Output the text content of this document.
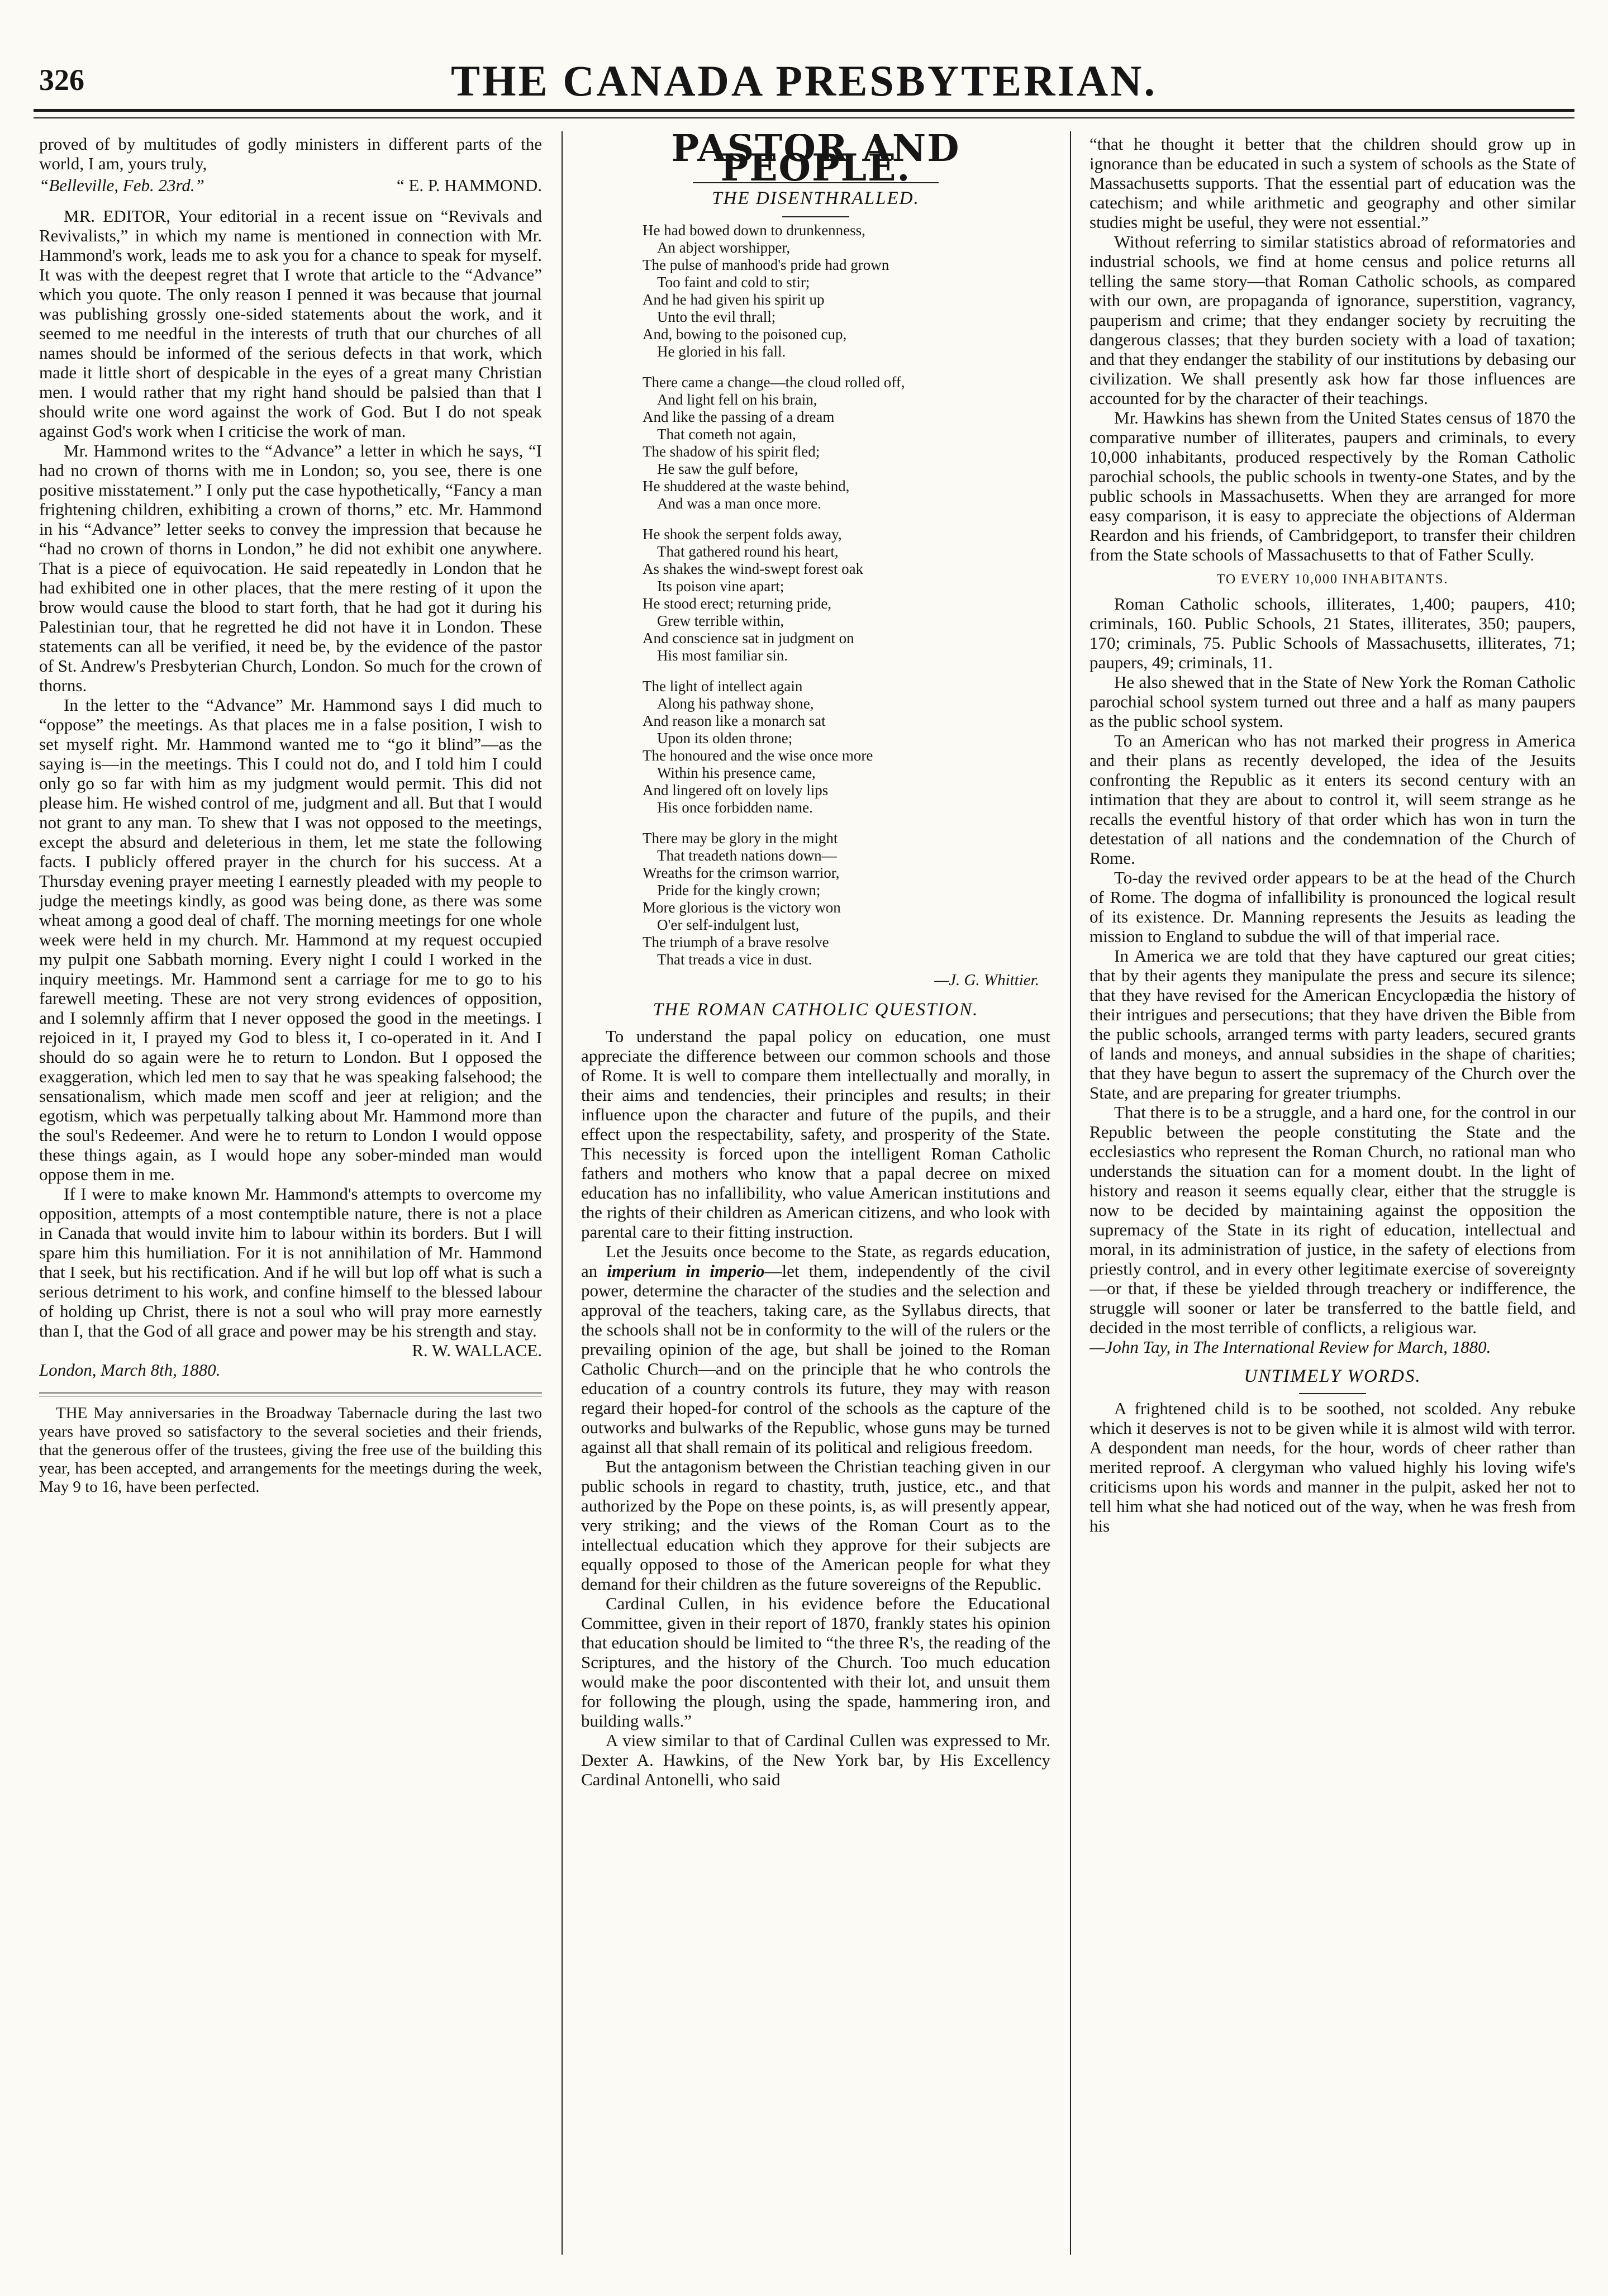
326	THE CANADA PRESBYTERIAN.

proved of by multitudes of godly ministers in different parts of the world, I am, yours truly,

“Belleville, Feb. 23rd.”	“ E. P. HAMMOND.

MR. EDITOR, Your editorial in a recent issue on “Revivals and Revivalists,” in which my name is mentioned in connection with Mr. Hammond's work, leads me to ask you for a chance to speak for myself. It was with the deepest regret that I wrote that article to the “Advance” which you quote. The only reason I penned it was because that journal was publishing grossly one-sided statements about the work, and it seemed to me needful in the interests of truth that our churches of all names should be informed of the serious defects in that work, which made it little short of despicable in the eyes of a great many Christian men. I would rather that my right hand should be palsied than that I should write one word against the work of God. But I do not speak against God's work when I criticise the work of man.

Mr. Hammond writes to the “Advance” a letter in which he says, “I had no crown of thorns with me in London; so, you see, there is one positive misstatement.” I only put the case hypothetically, “Fancy a man frightening children, exhibiting a crown of thorns,” etc. Mr. Hammond in his “Advance” letter seeks to convey the impression that because he “had no crown of thorns in London,” he did not exhibit one anywhere. That is a piece of equivocation. He said repeatedly in London that he had exhibited one in other places, that the mere resting of it upon the brow would cause the blood to start forth, that he had got it during his Palestinian tour, that he regretted he did not have it in London. These statements can all be verified, it need be, by the evidence of the pastor of St. Andrew's Presbyterian Church, London. So much for the crown of thorns.

In the letter to the “Advance” Mr. Hammond says I did much to “oppose” the meetings. As that places me in a false position, I wish to set myself right. Mr. Hammond wanted me to “go it blind”—as the saying is—in the meetings. This I could not do, and I told him I could only go so far with him as my judgment would permit. This did not please him. He wished control of me, judgment and all. But that I would not grant to any man. To shew that I was not opposed to the meetings, except the absurd and deleterious in them, let me state the following facts. I publicly offered prayer in the church for his success. At a Thursday evening prayer meeting I earnestly pleaded with my people to judge the meetings kindly, as good was being done, as there was some wheat among a good deal of chaff. The morning meetings for one whole week were held in my church. Mr. Hammond at my request occupied my pulpit one Sabbath morning. Every night I could I worked in the inquiry meetings. Mr. Hammond sent a carriage for me to go to his farewell meeting. These are not very strong evidences of opposition, and I solemnly affirm that I never opposed the good in the meetings. I rejoiced in it, I prayed my God to bless it, I co-operated in it. And I should do so again were he to return to London. But I opposed the exaggeration, which led men to say that he was speaking falsehood; the sensationalism, which made men scoff and jeer at religion; and the egotism, which was perpetually talking about Mr. Hammond more than the soul's Redeemer. And were he to return to London I would oppose these things again, as I would hope any sober-minded man would oppose them in me.

If I were to make known Mr. Hammond's attempts to overcome my opposition, attempts of a most contemptible nature, there is not a place in Canada that would invite him to labour within its borders. But I will spare him this humiliation. For it is not annihilation of Mr. Hammond that I seek, but his rectification. And if he will but lop off what is such a serious detriment to his work, and confine himself to the blessed labour of holding up Christ, there is not a soul who will pray more earnestly than I, that the God of all grace and power may be his strength and stay.

R. W. WALLACE.
London, March 8th, 1880.

THE May anniversaries in the Broadway Tabernacle during the last two years have proved so satisfactory to the several societies and their friends, that the generous offer of the trustees, giving the free use of the building this year, has been accepted, and arrangements for the meetings during the week, May 9 to 16, have been perfected.

PASTOR AND PEOPLE.
THE DISENTHRALLED.
He had bowed down to drunkenness,
An abject worshipper,
The pulse of manhood's pride had grown
Too faint and cold to stir;
And he had given his spirit up
Unto the evil thrall;
And, bowing to the poisoned cup,
He gloried in his fall.
There came a change—the cloud rolled off,
And light fell on his brain,
And like the passing of a dream
That cometh not again,
The shadow of his spirit fled;
He saw the gulf before,
He shuddered at the waste behind,
And was a man once more.
He shook the serpent folds away,
That gathered round his heart,
As shakes the wind-swept forest oak
Its poison vine apart;
He stood erect; returning pride,
Grew terrible within,
And conscience sat in judgment on
His most familiar sin.
The light of intellect again
Along his pathway shone,
And reason like a monarch sat
Upon its olden throne;
The honoured and the wise once more
Within his presence came,
And lingered oft on lovely lips
His once forbidden name.
There may be glory in the might
That treadeth nations down—
Wreaths for the crimson warrior,
Pride for the kingly crown;
More glorious is the victory won
O'er self-indulgent lust,
The triumph of a brave resolve
That treads a vice in dust.
—J. G. Whittier.
THE ROMAN CATHOLIC QUESTION.

To understand the papal policy on education, one must appreciate the difference between our common schools and those of Rome. It is well to compare them intellectually and morally, in their aims and tendencies, their principles and results; in their influence upon the character and future of the pupils, and their effect upon the respectability, safety, and prosperity of the State. This necessity is forced upon the intelligent Roman Catholic fathers and mothers who know that a papal decree on mixed education has no infallibility, who value American institutions and the rights of their children as American citizens, and who look with parental care to their fitting instruction.

Let the Jesuits once become to the State, as regards education, an imperium in imperio—let them, independently of the civil power, determine the character of the studies and the selection and approval of the teachers, taking care, as the Syllabus directs, that the schools shall not be in conformity to the will of the rulers or the prevailing opinion of the age, but shall be joined to the Roman Catholic Church—and on the principle that he who controls the education of a country controls its future, they may with reason regard their hoped-for control of the schools as the capture of the outworks and bulwarks of the Republic, whose guns may be turned against all that shall remain of its political and religious freedom.

But the antagonism between the Christian teaching given in our public schools in regard to chastity, truth, justice, etc., and that authorized by the Pope on these points, is, as will presently appear, very striking; and the views of the Roman Court as to the intellectual education which they approve for their subjects are equally opposed to those of the American people for what they demand for their children as the future sovereigns of the Republic.

Cardinal Cullen, in his evidence before the Educational Committee, given in their report of 1870, frankly states his opinion that education should be limited to “the three R's, the reading of the Scriptures, and the history of the Church. Too much education would make the poor discontented with their lot, and unsuit them for following the plough, using the spade, hammering iron, and building walls.”

A view similar to that of Cardinal Cullen was expressed to Mr. Dexter A. Hawkins, of the New York bar, by His Excellency Cardinal Antonelli, who said

“that he thought it better that the children should grow up in ignorance than be educated in such a system of schools as the State of Massachusetts supports. That the essential part of education was the catechism; and while arithmetic and geography and other similar studies might be useful, they were not essential.”

Without referring to similar statistics abroad of reformatories and industrial schools, we find at home census and police returns all telling the same story—that Roman Catholic schools, as compared with our own, are propaganda of ignorance, superstition, vagrancy, pauperism and crime; that they endanger society by recruiting the dangerous classes; that they burden society with a load of taxation; and that they endanger the stability of our institutions by debasing our civilization. We shall presently ask how far those influences are accounted for by the character of their teachings.

Mr. Hawkins has shewn from the United States census of 1870 the comparative number of illiterates, paupers and criminals, to every 10,000 inhabitants, produced respectively by the Roman Catholic parochial schools, the public schools in twenty-one States, and by the public schools in Massachusetts. When they are arranged for more easy comparison, it is easy to appreciate the objections of Alderman Reardon and his friends, of Cambridgeport, to transfer their children from the State schools of Massachusetts to that of Father Scully.

TO EVERY 10,000 INHABITANTS.

Roman Catholic schools, illiterates, 1,400; paupers, 410; criminals, 160. Public Schools, 21 States, illiterates, 350; paupers, 170; criminals, 75. Public Schools of Massachusetts, illiterates, 71; paupers, 49; criminals, 11.

He also shewed that in the State of New York the Roman Catholic parochial school system turned out three and a half as many paupers as the public school system.

To an American who has not marked their progress in America and their plans as recently developed, the idea of the Jesuits confronting the Republic as it enters its second century with an intimation that they are about to control it, will seem strange as he recalls the eventful history of that order which has won in turn the detestation of all nations and the condemnation of the Church of Rome.

To-day the revived order appears to be at the head of the Church of Rome. The dogma of infallibility is pronounced the logical result of its existence. Dr. Manning represents the Jesuits as leading the mission to England to subdue the will of that imperial race.

In America we are told that they have captured our great cities; that by their agents they manipulate the press and secure its silence; that they have revised for the American Encyclopædia the history of their intrigues and persecutions; that they have driven the Bible from the public schools, arranged terms with party leaders, secured grants of lands and moneys, and annual subsidies in the shape of charities; that they have begun to assert the supremacy of the Church over the State, and are preparing for greater triumphs.

That there is to be a struggle, and a hard one, for the control in our Republic between the people constituting the State and the ecclesiastics who represent the Roman Church, no rational man who understands the situation can for a moment doubt. In the light of history and reason it seems equally clear, either that the struggle is now to be decided by maintaining against the opposition the supremacy of the State in its right of education, intellectual and moral, in its administration of justice, in the safety of elections from priestly control, and in every other legitimate exercise of sovereignty—or that, if these be yielded through treachery or indifference, the struggle will sooner or later be transferred to the battle field, and decided in the most terrible of conflicts, a religious war.

—John Tay, in The International Review for March, 1880.

UNTIMELY WORDS.

A frightened child is to be soothed, not scolded. Any rebuke which it deserves is not to be given while it is almost wild with terror. A despondent man needs, for the hour, words of cheer rather than merited reproof. A clergyman who valued highly his loving wife's criticisms upon his words and manner in the pulpit, asked her not to tell him what she had noticed out of the way, when he was fresh from his
